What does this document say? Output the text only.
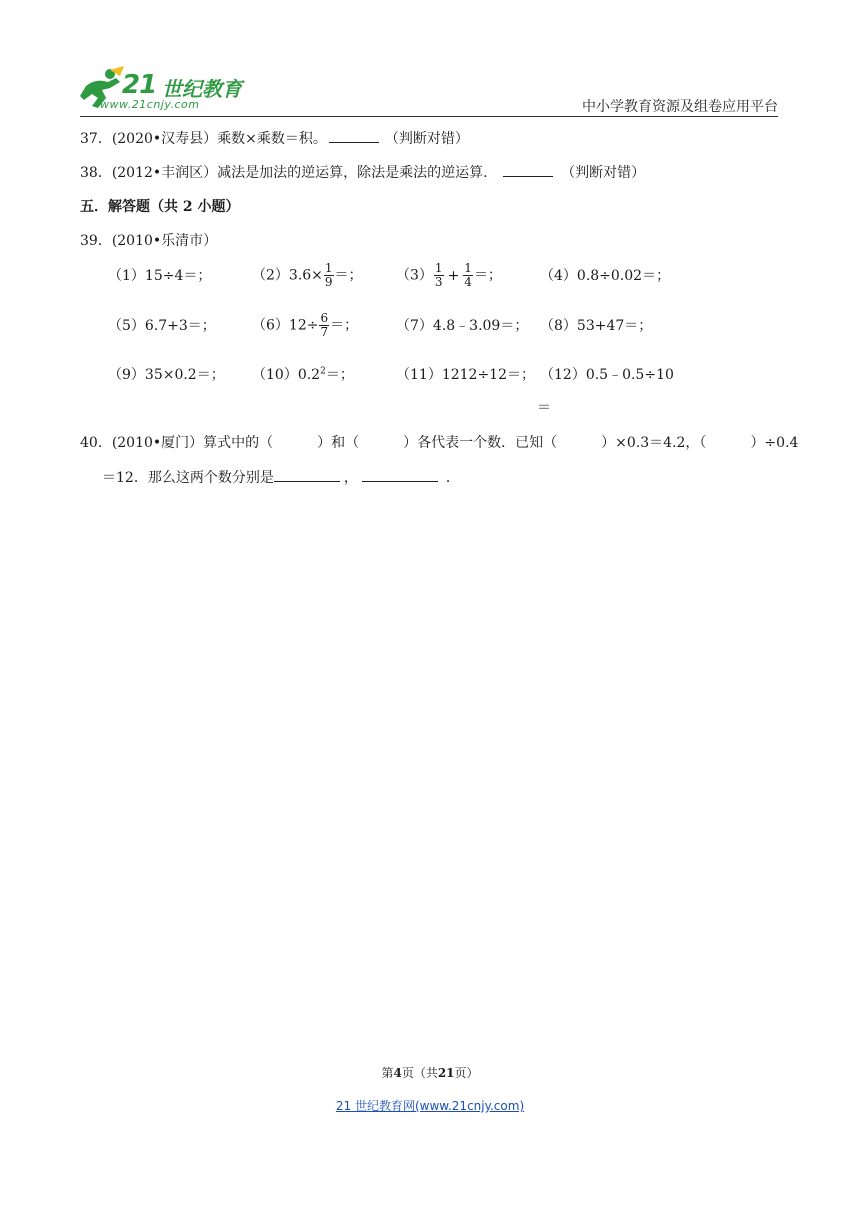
21 世纪教育
www.21cnjy.com	中小学教育资源及组卷应用平台
37．(2020•汉寿县）乘数×乘数＝积。	（判断对错）
38．(2012•丰润区）减法是加法的逆运算，除法是乘法的逆运算．	（判断对错）
五．解答题（共 2 小题）
39．(2010•乐清市）
（1）15÷4＝；	$(2)3.6\times \frac{1}{9}$ ＝； $(3) \frac{1}{3} + \frac{1}{4}$ ＝；	（4）0.8÷0.02＝；
（5）6.7+3＝；	$(6)12\div \frac{6}{7}$ ＝；	（7）4.8﹣3.09＝； （8）53+47＝；
（9）35×0.2＝； $(10)0.2^2=$；	（11）1212÷12＝； （12）0.5﹣0.5÷10
＝
40．(2010•厦门）算式中的（	）和（	）各代表一个数．已知（	）×0.3＝4.2，（	）÷0.4
＝12．那么这两个数分别是	，	．
第4页（共21页）
21 世纪教育网(www.21cnjy.com)
